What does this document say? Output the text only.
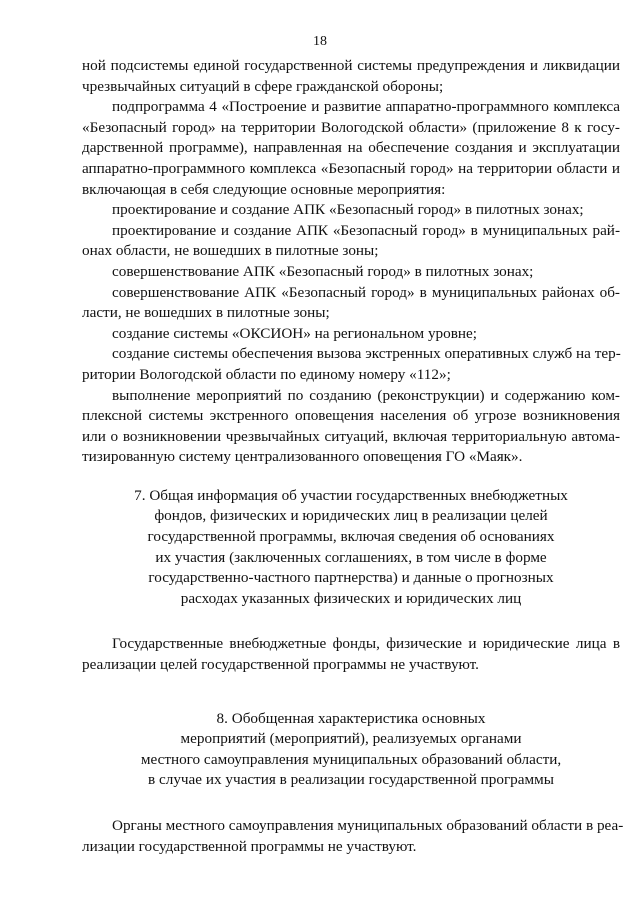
18
ной подсистемы единой государственной системы предупреждения и ликвидации
чрезвычайных ситуаций в сфере гражданской обороны;
подпрограмма 4 «Построение и развитие аппаратно-программного комплекса
«Безопасный город» на территории Вологодской области» (приложение 8 к госу-
дарственной программе), направленная на обеспечение создания и эксплуатации
аппаратно-программного комплекса «Безопасный город» на территории области и
включающая в себя следующие основные мероприятия:
проектирование и создание АПК «Безопасный город» в пилотных зонах;
проектирование и создание АПК «Безопасный город» в муниципальных рай-
онах области, не вошедших в пилотные зоны;
совершенствование АПК «Безопасный город» в пилотных зонах;
совершенствование АПК «Безопасный город» в муниципальных районах об-
ласти, не вошедших в пилотные зоны;
создание системы «ОКСИОН» на региональном уровне;
создание системы обеспечения вызова экстренных оперативных служб на тер-
ритории Вологодской области по единому номеру «112»;
выполнение мероприятий по созданию (реконструкции) и содержанию ком-
плексной системы экстренного оповещения населения об угрозе возникновения
или о возникновении чрезвычайных ситуаций, включая территориальную автома-
тизированную систему централизованного оповещения ГО «Маяк».
7. Общая информация об участии государственных внебюджетных
фондов, физических и юридических лиц в реализации целей
государственной программы, включая сведения об основаниях
их участия (заключенных соглашениях, в том числе в форме
государственно-частного партнерства) и данные о прогнозных
расходах указанных физических и юридических лиц
Государственные внебюджетные фонды, физические и юридические лица в
реализации целей государственной программы не участвуют.
8. Обобщенная характеристика основных
мероприятий (мероприятий), реализуемых органами
местного самоуправления муниципальных образований области,
в случае их участия в реализации государственной программы
Органы местного самоуправления муниципальных образований области в реа-
лизации государственной программы не участвуют.
